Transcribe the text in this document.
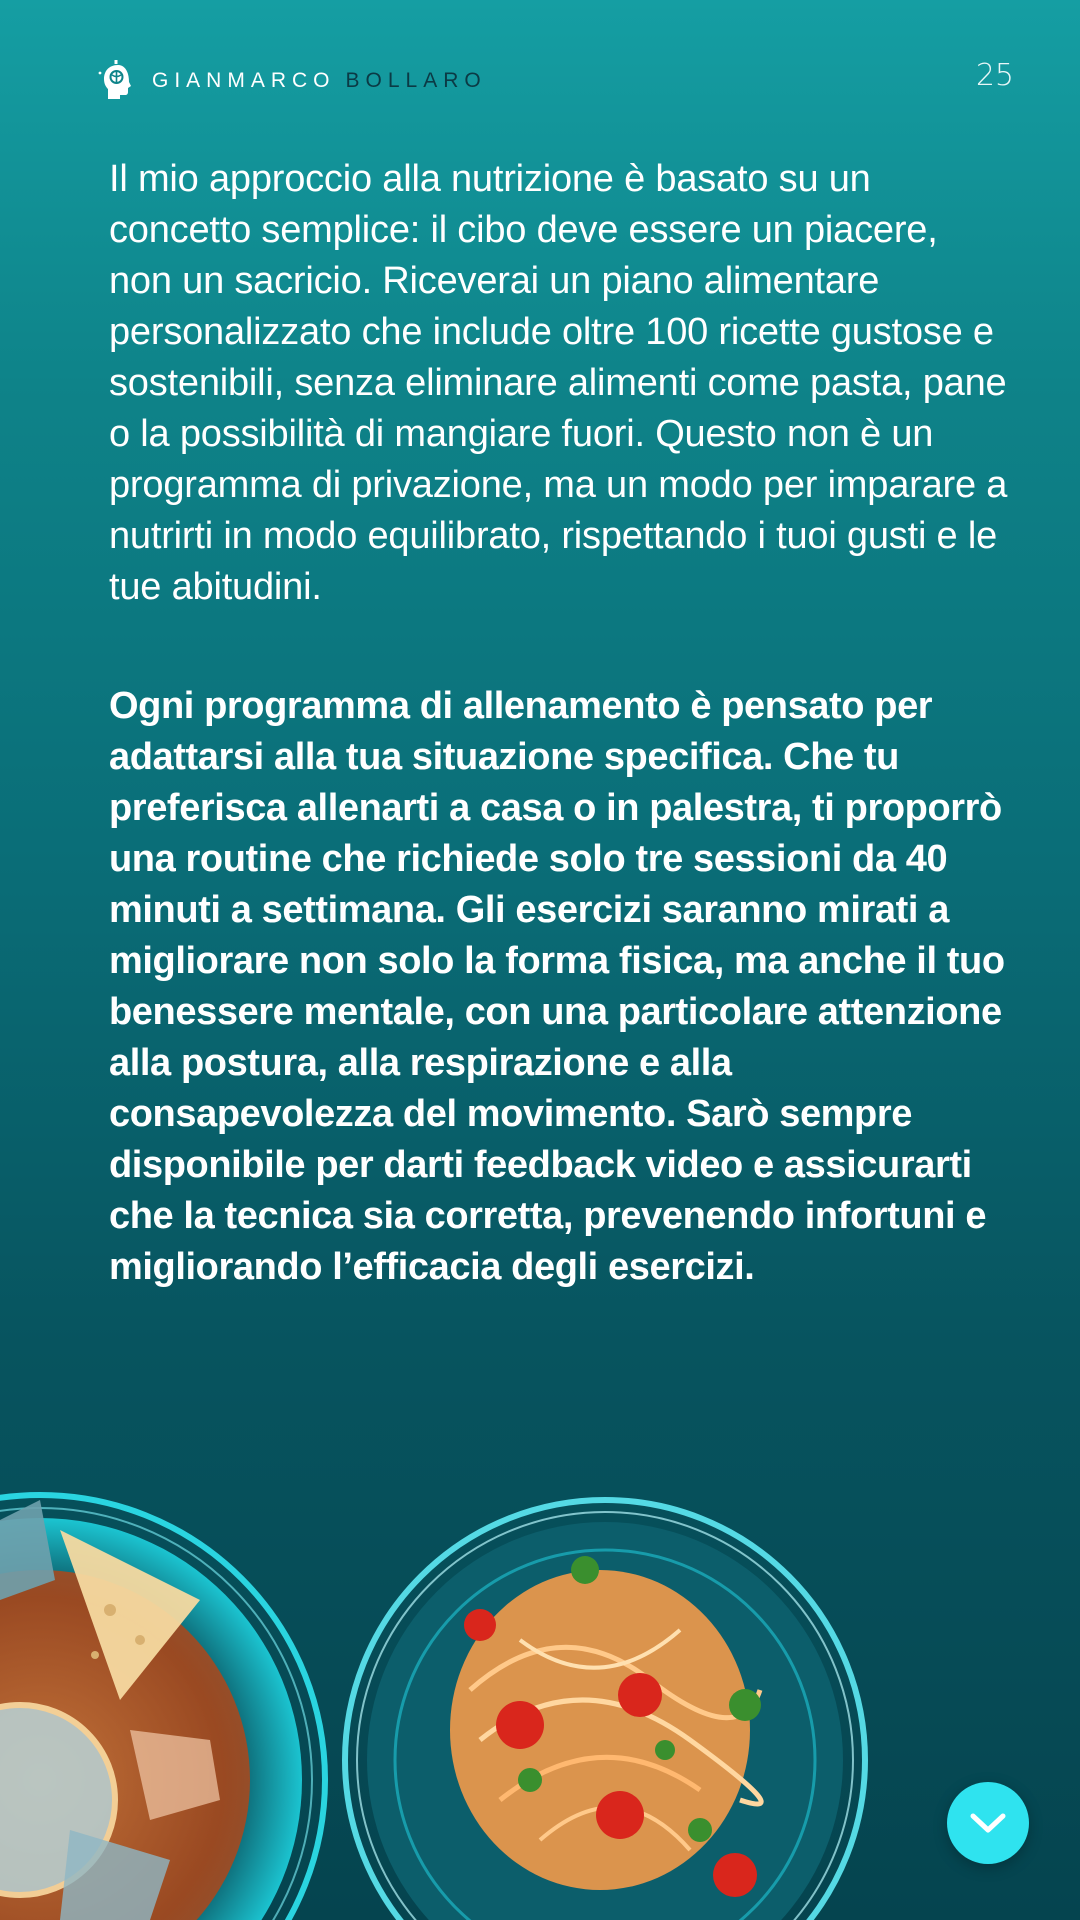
GIANMARCO BOLLARO	25

Il mio approccio alla nutrizione è basato su un concetto semplice: il cibo deve essere un piacere, non un sacricio. Riceverai un piano alimentare personalizzato che include oltre 100 ricette gustose e sostenibili, senza eliminare alimenti come pasta, pane o la possibilità di mangiare fuori. Questo non è un programma di privazione, ma un modo per imparare a nutrirti in modo equilibrato, rispettando i tuoi gusti e le tue abitudini.

Ogni programma di allenamento è pensato per adattarsi alla tua situazione specifica. Che tu preferisca allenarti a casa o in palestra, ti proporrò una routine che richiede solo tre sessioni da 40 minuti a settimana. Gli esercizi saranno mirati a migliorare non solo la forma fisica, ma anche il tuo benessere mentale, con una particolare attenzione alla postura, alla respirazione e alla consapevolezza del movimento. Sarò sempre disponibile per darti feedback video e assicurarti che la tecnica sia corretta, prevenendo infortuni e migliorando l’efficacia degli esercizi.
